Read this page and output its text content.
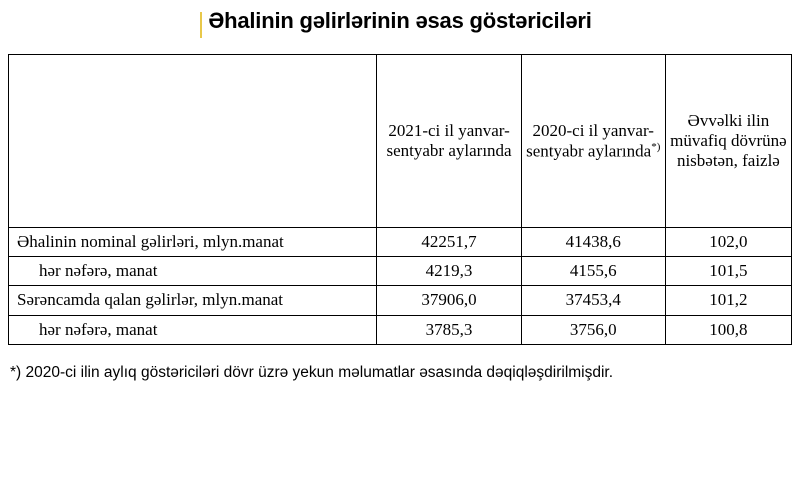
Əhalinin gəlirlərinin əsas göstəriciləri
	2021-ci il yanvar-sentyabr aylarında	2020-ci il yanvar-sentyabr aylarında*)	Əvvəlki ilin müvafiq dövrünə nisbətən, faizlə
Əhalinin nominal gəlirləri, mlyn.manat	42251,7	41438,6	102,0
hər nəfərə, manat	4219,3	4155,6	101,5
Sərəncamda qalan gəlirlər, mlyn.manat	37906,0	37453,4	101,2
hər nəfərə, manat	3785,3	3756,0	100,8

*) 2020-ci ilin aylıq göstəriciləri dövr üzrə yekun məlumatlar əsasında dəqiqləşdirilmişdir.
